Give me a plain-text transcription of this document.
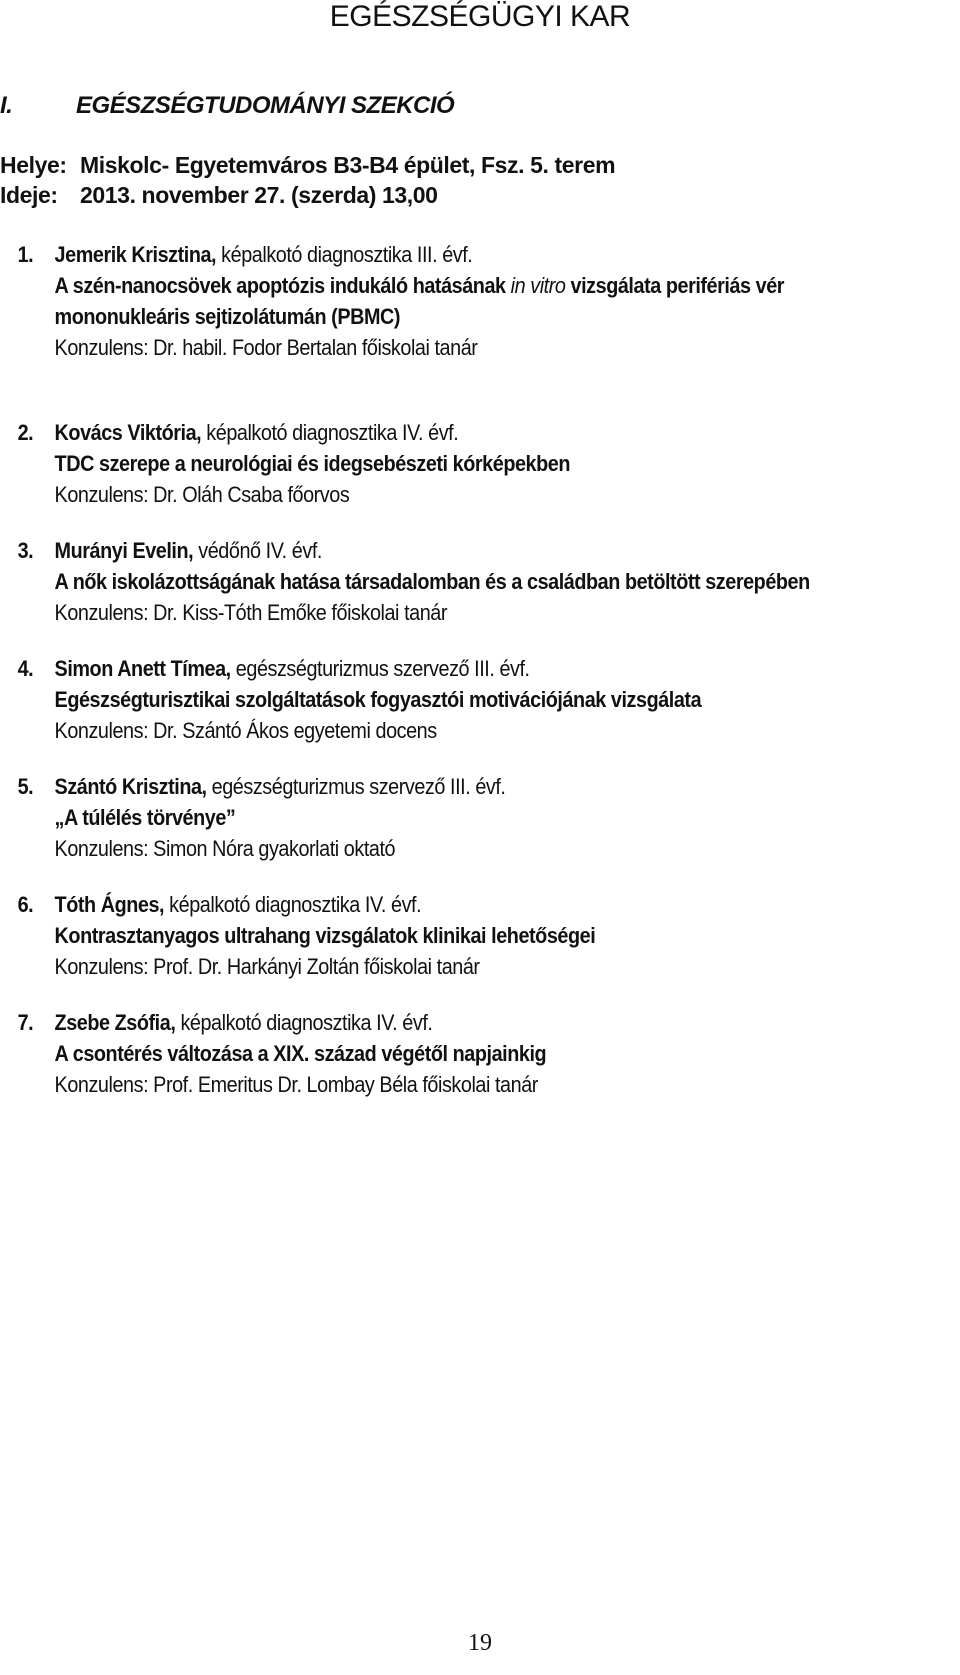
EGÉSZSÉGÜGYI KAR
I.	EGÉSZSÉGTUDOMÁNYI SZEKCIÓ
Helye: Miskolc- Egyetemváros B3-B4 épület, Fsz. 5. terem
Ideje: 2013. november 27. (szerda) 13,00
1. Jemerik Krisztina, képalkotó diagnosztika III. évf.
A szén-nanocsövek apoptózis indukáló hatásának in vitro vizsgálata perifériás vér
mononukleáris sejtizolátumán (PBMC)
Konzulens: Dr. habil. Fodor Bertalan főiskolai tanár
2. Kovács Viktória, képalkotó diagnosztika IV. évf.
TDC szerepe a neurológiai és idegsebészeti kórképekben
Konzulens: Dr. Oláh Csaba főorvos
3. Murányi Evelin, védőnő IV. évf.
A nők iskolázottságának hatása társadalomban és a családban betöltött szerepében
Konzulens: Dr. Kiss-Tóth Emőke főiskolai tanár
4. Simon Anett Tímea, egészségturizmus szervező III. évf.
Egészségturisztikai szolgáltatások fogyasztói motivációjának vizsgálata
Konzulens: Dr. Szántó Ákos egyetemi docens
5. Szántó Krisztina, egészségturizmus szervező III. évf.
„A túlélés törvénye”
Konzulens: Simon Nóra gyakorlati oktató
6. Tóth Ágnes, képalkotó diagnosztika IV. évf.
Kontrasztanyagos ultrahang vizsgálatok klinikai lehetőségei
Konzulens: Prof. Dr. Harkányi Zoltán főiskolai tanár
7. Zsebe Zsófia, képalkotó diagnosztika IV. évf.
A csontérés változása a XIX. század végétől napjainkig
Konzulens: Prof. Emeritus Dr. Lombay Béla főiskolai tanár
19
